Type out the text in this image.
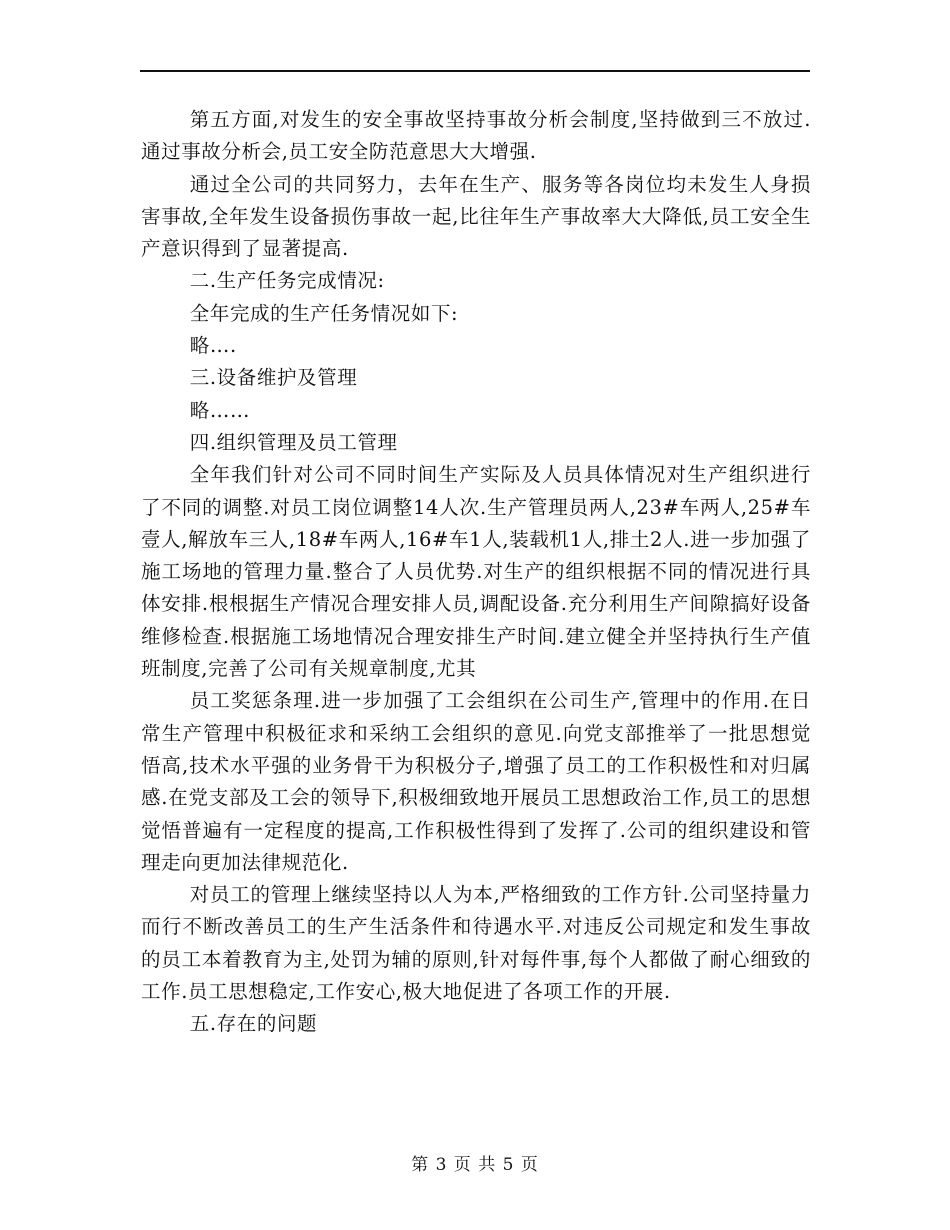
第五方面,对发生的安全事故坚持事故分析会制度,坚持做到三不放过.通过事故分析会,员工安全防范意思大大增强.

通过全公司的共同努力，去年在生产、服务等各岗位均未发生人身损害事故,全年发生设备损伤事故一起,比往年生产事故率大大降低,员工安全生产意识得到了显著提高.

二.生产任务完成情况:

全年完成的生产任务情况如下:

略….

三.设备维护及管理

略……

四.组织管理及员工管理

全年我们针对公司不同时间生产实际及人员具体情况对生产组织进行了不同的调整.对员工岗位调整14人次.生产管理员两人,23#车两人,25#车壹人,解放车三人,18#车两人,16#车1人,装载机1人,排土2人.进一步加强了施工场地的管理力量.整合了人员优势.对生产的组织根据不同的情况进行具体安排.根根据生产情况合理安排人员,调配设备.充分利用生产间隙搞好设备维修检查.根据施工场地情况合理安排生产时间.建立健全并坚持执行生产值班制度,完善了公司有关规章制度,尤其

员工奖惩条理.进一步加强了工会组织在公司生产,管理中的作用.在日常生产管理中积极征求和采纳工会组织的意见.向党支部推举了一批思想觉悟高,技术水平强的业务骨干为积极分子,增强了员工的工作积极性和对归属感.在党支部及工会的领导下,积极细致地开展员工思想政治工作,员工的思想觉悟普遍有一定程度的提高,工作积极性得到了发挥了.公司的组织建设和管理走向更加法律规范化.

对员工的管理上继续坚持以人为本,严格细致的工作方针.公司坚持量力而行不断改善员工的生产生活条件和待遇水平.对违反公司规定和发生事故的员工本着教育为主,处罚为辅的原则,针对每件事,每个人都做了耐心细致的工作.员工思想稳定,工作安心,极大地促进了各项工作的开展.

五.存在的问题

第 3 页 共 5 页
